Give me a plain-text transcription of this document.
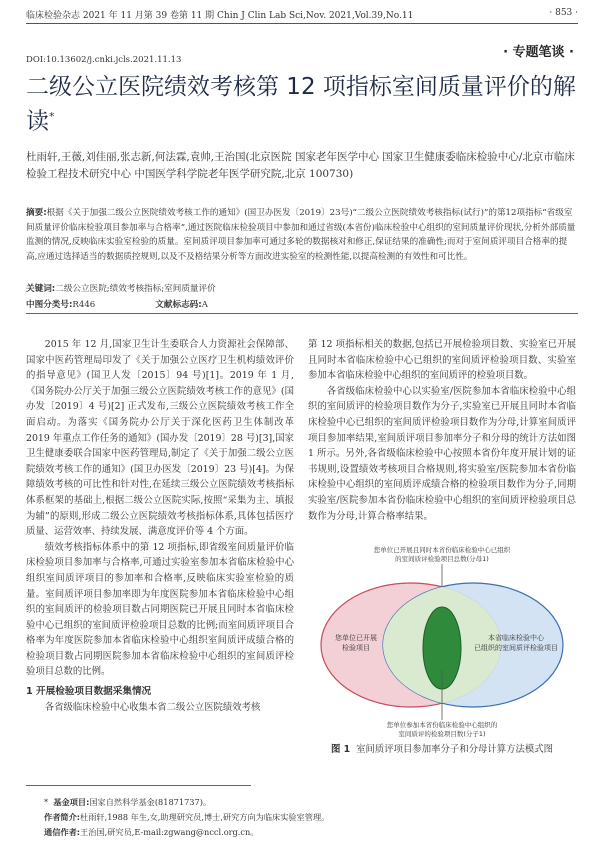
临床检验杂志 2021 年 11 月第 39 卷第 11 期 Chin J Clin Lab Sci,Nov. 2021,Vol.39,No.11	· 853 ·
· 专题笔谈 ·
DOI:10.13602/j.cnki.jcls.2021.11.13
二级公立医院绩效考核第 12 项指标室间质量评价的解读*
杜雨轩,王薇,刘佳丽,张志新,何法霖,袁帅,王治国(北京医院 国家老年医学中心 国家卫生健康委临床检验中心/北京市临床检验工程技术研究中心 中国医学科学院老年医学研究院,北京 100730)
摘要:根据《关于加强二级公立医院绩效考核工作的通知》(国卫办医发〔2019〕23号)“二级公立医院绩效考核指标(试行)”的第12项指标“省级室间质量评价临床检验项目参加率与合格率”,通过医院临床检验项目中参加和通过省级(本省份)临床检验中心组织的室间质量评价现状,分析外部质量监测的情况,反映临床实验室检验的质量。室间质评项目参加率可通过多轮的数据核对和修正,保证结果的准确性;而对于室间质评项目合格率的提高,应通过选择适当的数据质控规则,以及不及格结果分析等方面改进实验室的检测性能,以提高检测的有效性和可比性。
关键词:二级公立医院;绩效考核指标;室间质量评价
中图分类号:R446	文献标志码:A

2015 年 12 月,国家卫生计生委联合人力资源社会保障部、国家中医药管理局印发了《关于加强公立医疗卫生机构绩效评价的指导意见》(国卫人发〔2015〕94 号)[1]。2019 年 1 月,《国务院办公厅关于加强三级公立医院绩效考核工作的意见》(国办发〔2019〕4 号)[2] 正式发布,三级公立医院绩效考核工作全面启动。为落实《国务院办公厅关于深化医药卫生体制改革 2019 年重点工作任务的通知》(国办发〔2019〕28 号)[3],国家卫生健康委联合国家中医药管理局,制定了《关于加强二级公立医院绩效考核工作的通知》(国卫办医发〔2019〕23 号)[4]。为保障绩效考核的可比性和针对性,在延续三级公立医院绩效考核指标体系框架的基础上,根据二级公立医院实际,按照“采集为主、填报为辅”的原则,形成二级公立医院绩效考核指标体系,具体包括医疗质量、运营效率、持续发展、满意度评价等 4 个方面。

绩效考核指标体系中的第 12 项指标,即省级室间质量评价临床检验项目参加率与合格率,可通过实验室参加本省临床检验中心组织室间质评项目的参加率和合格率,反映临床实验室检验的质量。室间质评项目参加率即为年度医院参加本省临床检验中心组织的室间质评的检验项目数占同期医院已开展且同时本省临床检验中心已组织的室间质评检验项目总数的比例;而室间质评项目合格率为年度医院参加本省临床检验中心组织室间质评成绩合格的检验项目数占同期医院参加本省临床检验中心组织的室间质评检验项目总数的比例。

1 开展检验项目数据采集情况

各省级临床检验中心收集本省二级公立医院绩效考核

第 12 项指标相关的数据,包括已开展检验项目数、实验室已开展且同时本省临床检验中心已组织的室间质评检验项目数、实验室参加本省临床检验中心组织的室间质评的检验项目数。

各省级临床检验中心以实验室/医院参加本省临床检验中心组织的室间质评的检验项目数作为分子,实验室已开展且同时本省临床检验中心已组织的室间质评检验项目数作为分母,计算室间质评项目参加率结果,室间质评项目参加率分子和分母的统计方法如图 1 所示。另外,各省级临床检验中心按照本省份年度开展计划的证书规则,设置绩效考核项目合格规则,将实验室/医院参加本省份临床检验中心组织的室间质评成绩合格的检验项目数作为分子,同期实验室/医院参加本省份临床检验中心组织的室间质评检验项目总数作为分母,计算合格率结果。

您单位已开展且同时本省份临床检验中心已组织
的室间质评检验项目总数(分母1)
您单位已开展
检验项目
本省临床检验中心
已组织的室间质评检验项目
您单位参加本省份临床检验中心组织的
室间质评的检验项目数(分子1)
图 1 室间质评项目参加率分子和分母计算方法模式图
*  基金项目:国家自然科学基金(81871737)。
作者简介:杜雨轩,1988 年生,女,助理研究员,博士,研究方向为临床实验室管理。
通信作者:王治国,研究员,E-mail:zgwang@nccl.org.cn。
